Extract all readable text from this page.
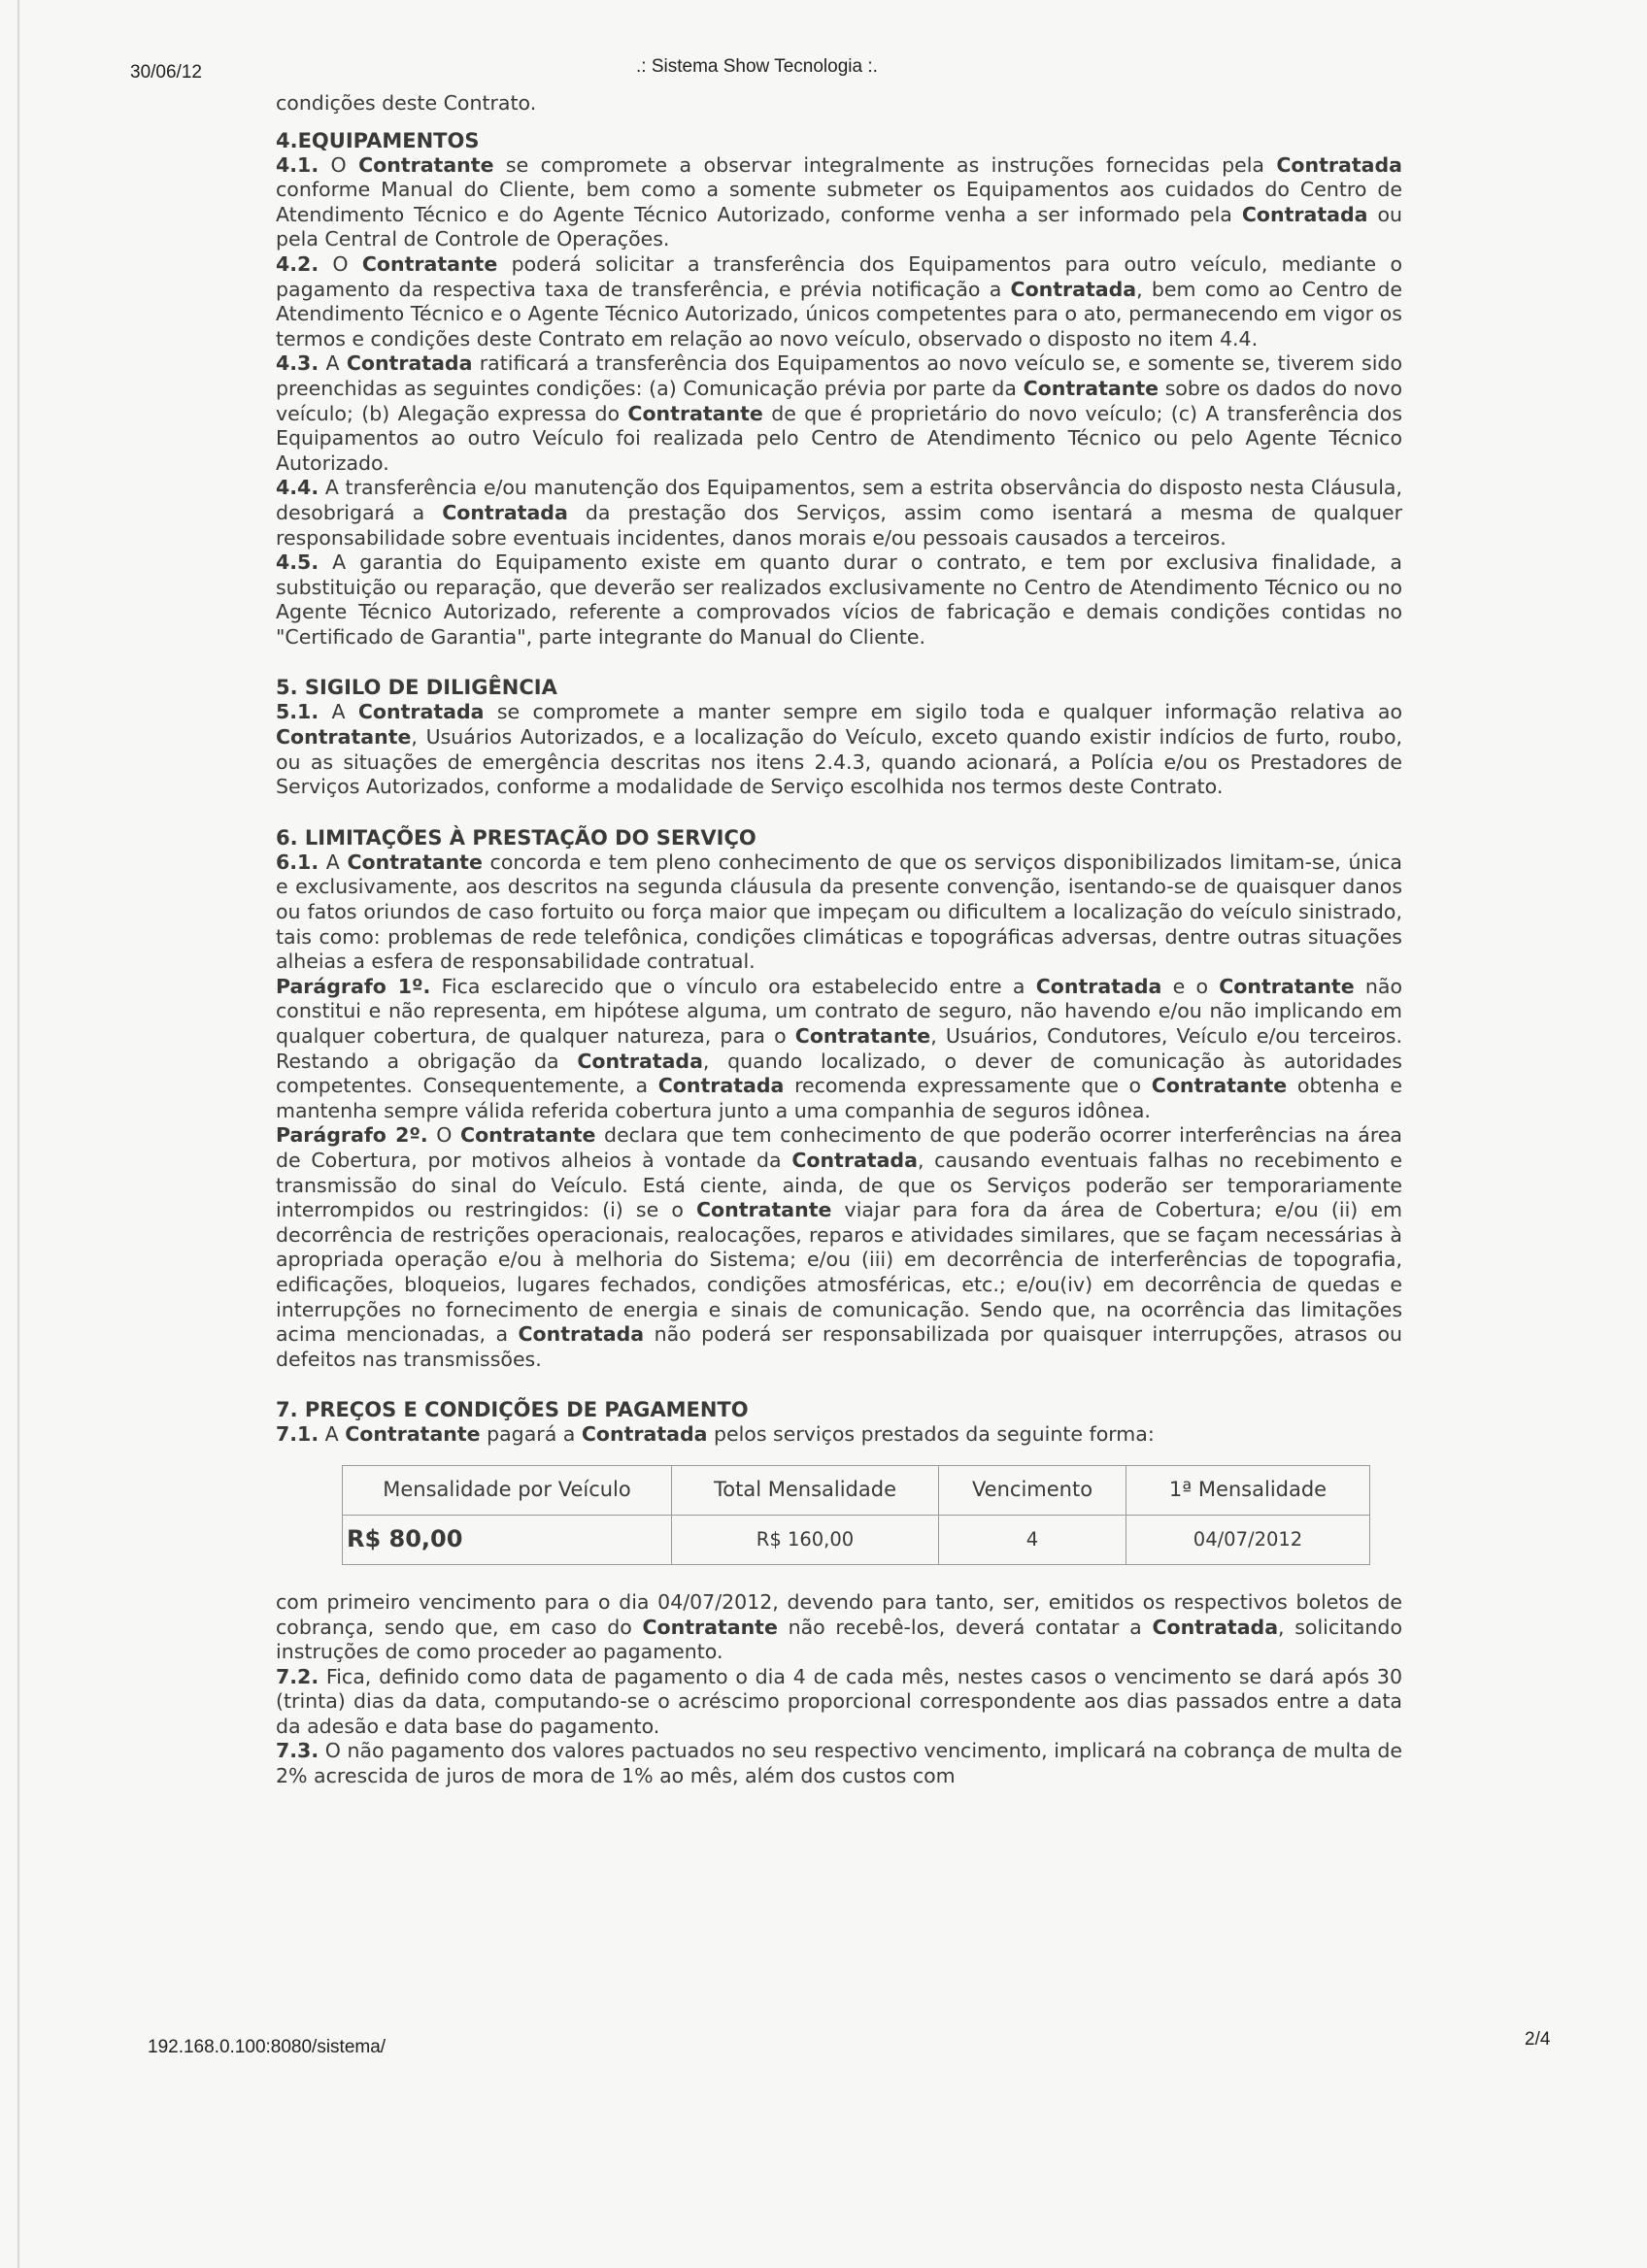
30/06/12	.: Sistema Show Tecnologia :.

condições deste Contrato.

4.EQUIPAMENTOS

4.1. O Contratante se compromete a observar integralmente as instruções fornecidas pela Contratada conforme Manual do Cliente, bem como a somente submeter os Equipamentos aos cuidados do Centro de Atendimento Técnico e do Agente Técnico Autorizado, conforme venha a ser informado pela Contratada ou pela Central de Controle de Operações.

4.2. O Contratante poderá solicitar a transferência dos Equipamentos para outro veículo, mediante o pagamento da respectiva taxa de transferência, e prévia notificação a Contratada, bem como ao Centro de Atendimento Técnico e o Agente Técnico Autorizado, únicos competentes para o ato, permanecendo em vigor os termos e condições deste Contrato em relação ao novo veículo, observado o disposto no item 4.4.

4.3. A Contratada ratificará a transferência dos Equipamentos ao novo veículo se, e somente se, tiverem sido preenchidas as seguintes condições: (a) Comunicação prévia por parte da Contratante sobre os dados do novo veículo; (b) Alegação expressa do Contratante de que é proprietário do novo veículo; (c) A transferência dos Equipamentos ao outro Veículo foi realizada pelo Centro de Atendimento Técnico ou pelo Agente Técnico Autorizado.

4.4. A transferência e/ou manutenção dos Equipamentos, sem a estrita observância do disposto nesta Cláusula, desobrigará a Contratada da prestação dos Serviços, assim como isentará a mesma de qualquer responsabilidade sobre eventuais incidentes, danos morais e/ou pessoais causados a terceiros.

4.5. A garantia do Equipamento existe em quanto durar o contrato, e tem por exclusiva finalidade, a substituição ou reparação, que deverão ser realizados exclusivamente no Centro de Atendimento Técnico ou no Agente Técnico Autorizado, referente a comprovados vícios de fabricação e demais condições contidas no "Certificado de Garantia", parte integrante do Manual do Cliente.

5. SIGILO DE DILIGÊNCIA

5.1. A Contratada se compromete a manter sempre em sigilo toda e qualquer informação relativa ao Contratante, Usuários Autorizados, e a localização do Veículo, exceto quando existir indícios de furto, roubo, ou as situações de emergência descritas nos itens 2.4.3, quando acionará, a Polícia e/ou os Prestadores de Serviços Autorizados, conforme a modalidade de Serviço escolhida nos termos deste Contrato.

6. LIMITAÇÕES À PRESTAÇÃO DO SERVIÇO

6.1. A Contratante concorda e tem pleno conhecimento de que os serviços disponibilizados limitam-se, única e exclusivamente, aos descritos na segunda cláusula da presente convenção, isentando-se de quaisquer danos ou fatos oriundos de caso fortuito ou força maior que impeçam ou dificultem a localização do veículo sinistrado, tais como: problemas de rede telefônica, condições climáticas e topográficas adversas, dentre outras situações alheias a esfera de responsabilidade contratual.

Parágrafo 1º. Fica esclarecido que o vínculo ora estabelecido entre a Contratada e o Contratante não constitui e não representa, em hipótese alguma, um contrato de seguro, não havendo e/ou não implicando em qualquer cobertura, de qualquer natureza, para o Contratante, Usuários, Condutores, Veículo e/ou terceiros. Restando a obrigação da Contratada, quando localizado, o dever de comunicação às autoridades competentes. Consequentemente, a Contratada recomenda expressamente que o Contratante obtenha e mantenha sempre válida referida cobertura junto a uma companhia de seguros idônea.

Parágrafo 2º. O Contratante declara que tem conhecimento de que poderão ocorrer interferências na área de Cobertura, por motivos alheios à vontade da Contratada, causando eventuais falhas no recebimento e transmissão do sinal do Veículo. Está ciente, ainda, de que os Serviços poderão ser temporariamente interrompidos ou restringidos: (i) se o Contratante viajar para fora da área de Cobertura; e/ou (ii) em decorrência de restrições operacionais, realocações, reparos e atividades similares, que se façam necessárias à apropriada operação e/ou à melhoria do Sistema; e/ou (iii) em decorrência de interferências de topografia, edificações, bloqueios, lugares fechados, condições atmosféricas, etc.; e/ou(iv) em decorrência de quedas e interrupções no fornecimento de energia e sinais de comunicação. Sendo que, na ocorrência das limitações acima mencionadas, a Contratada não poderá ser responsabilizada por quaisquer interrupções, atrasos ou defeitos nas transmissões.

7. PREÇOS E CONDIÇÕES DE PAGAMENTO

7.1. A Contratante pagará a Contratada pelos serviços prestados da seguinte forma:

Mensalidade por Veículo	Total Mensalidade	Vencimento	1ª Mensalidade
R$ 80,00	R$ 160,00	4	04/07/2012

com primeiro vencimento para o dia 04/07/2012, devendo para tanto, ser, emitidos os respectivos boletos de cobrança, sendo que, em caso do Contratante não recebê-los, deverá contatar a Contratada, solicitando instruções de como proceder ao pagamento.

7.2. Fica, definido como data de pagamento o dia 4 de cada mês, nestes casos o vencimento se dará após 30 (trinta) dias da data, computando-se o acréscimo proporcional correspondente aos dias passados entre a data da adesão e data base do pagamento.

7.3. O não pagamento dos valores pactuados no seu respectivo vencimento, implicará na cobrança de multa de 2% acrescida de juros de mora de 1% ao mês, além dos custos com

192.168.0.100:8080/sistema/	2/4
